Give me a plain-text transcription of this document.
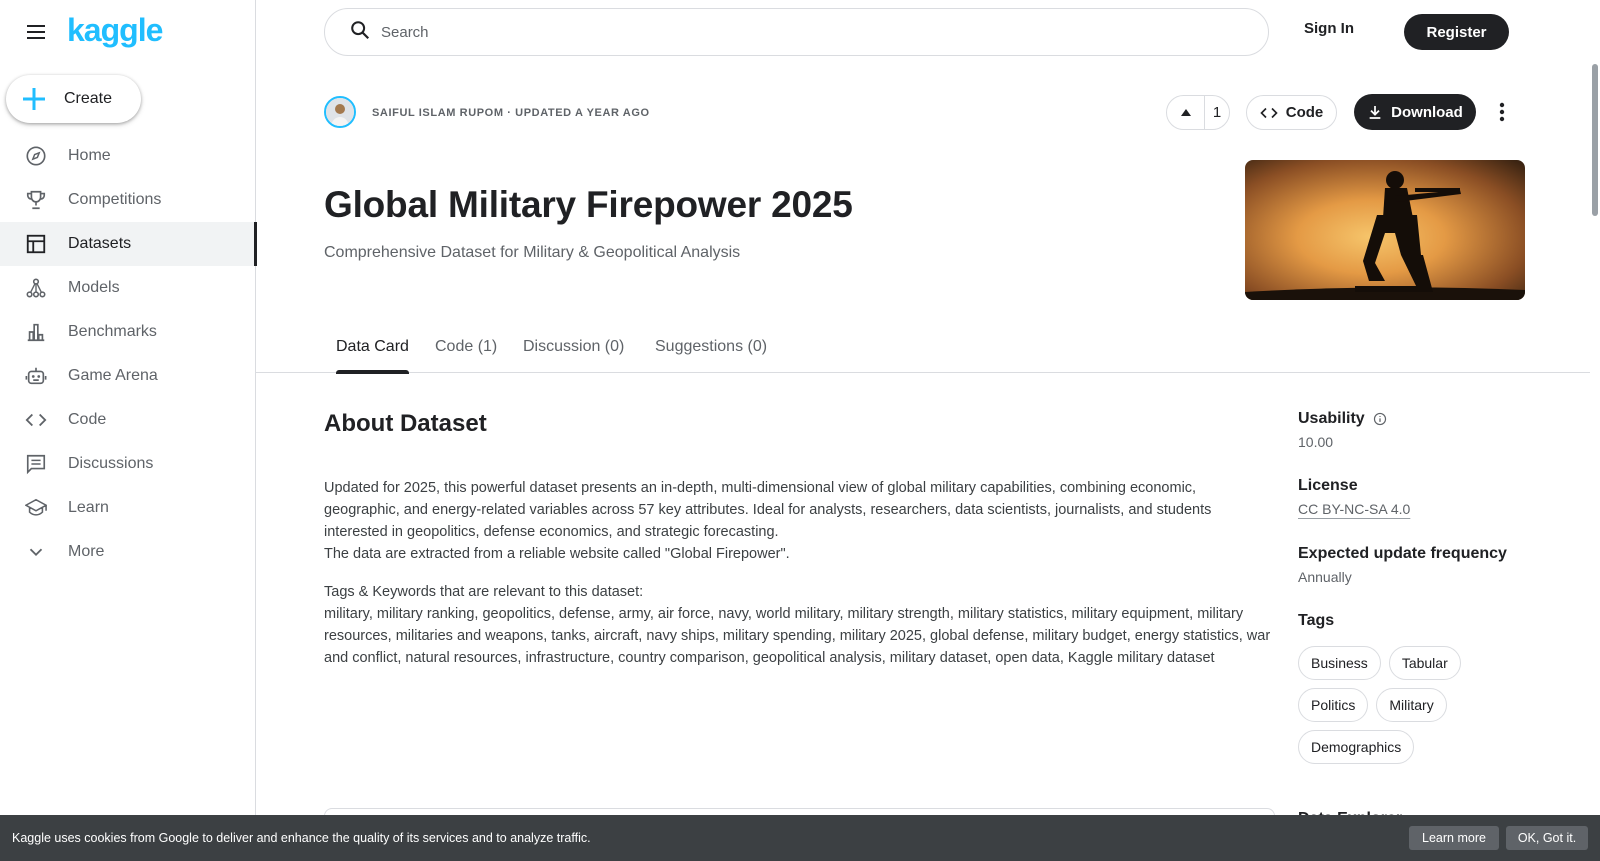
kaggle
Create
Home
Competitions
Datasets
Models
Benchmarks
Game Arena
Code
Discussions
Learn
More
Search
Sign In	Register
SAIFUL ISLAM RUPOM · UPDATED A YEAR AGO	1	Code	Download
Global Military Firepower 2025
Comprehensive Dataset for Military & Geopolitical Analysis
Data Card Code (1) Discussion (0) Suggestions (0)
About Dataset

Updated for 2025, this powerful dataset presents an in-depth, multi-dimensional view of global military capabilities, combining economic, geographic, and energy-related variables across 57 key attributes. Ideal for analysts, researchers, data scientists, journalists, and students interested in geopolitics, defense economics, and strategic forecasting.

The data are extracted from a reliable website called "Global Firepower".

Tags & Keywords that are relevant to this dataset:

military, military ranking, geopolitics, defense, army, air force, navy, world military, military strength, military statistics, military equipment, military resources, militaries and weapons, tanks, aircraft, navy ships, military spending, military 2025, global defense, military budget, energy statistics, war and conflict, natural resources, infrastructure, country comparison, geopolitical analysis, military dataset, open data, Kaggle military dataset

Usability
10.00
License
CC BY-NC-SA 4.0
Expected update frequency
Annually
Tags
Business	Tabular
Politics	Military
Demographics
Kaggle uses cookies from Google to deliver and enhance the quality of its services and to analyze traffic.	Learn more	OK, Got it.
